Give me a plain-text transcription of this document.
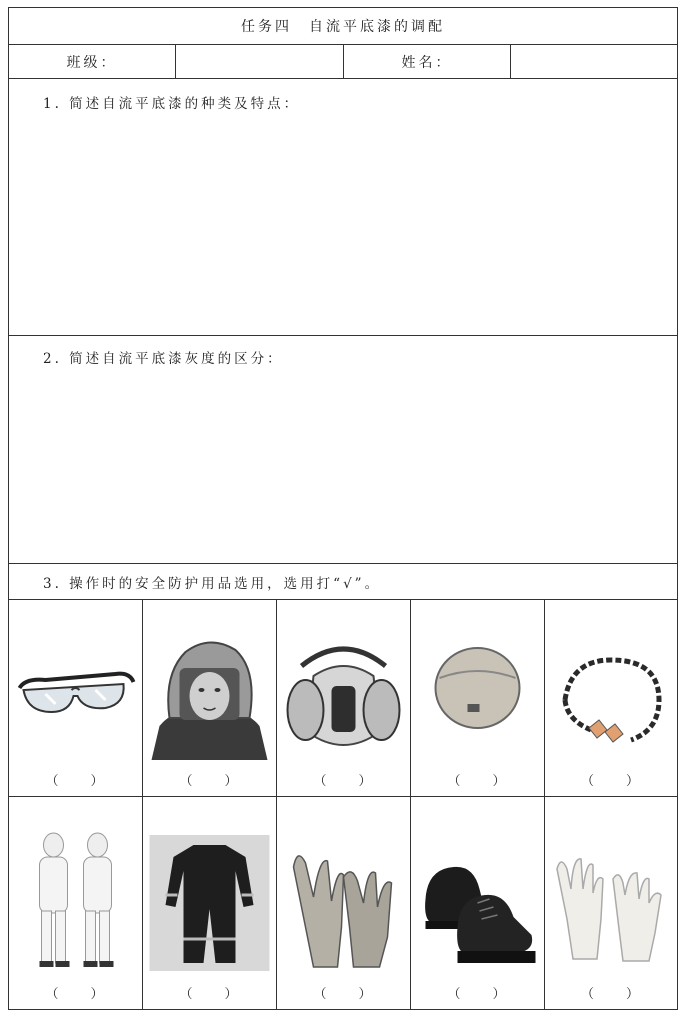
任务四　自流平底漆的调配
班级：	姓名：
1. 简述自流平底漆的种类及特点：
2. 简述自流平底漆灰度的区分：
3. 操作时的安全防护用品选用，选用打“√”。
（　　）	（　　）	（　　）	（　　）	（　　）
（　　）	（　　）	（　　）	（　　）	（　　）
